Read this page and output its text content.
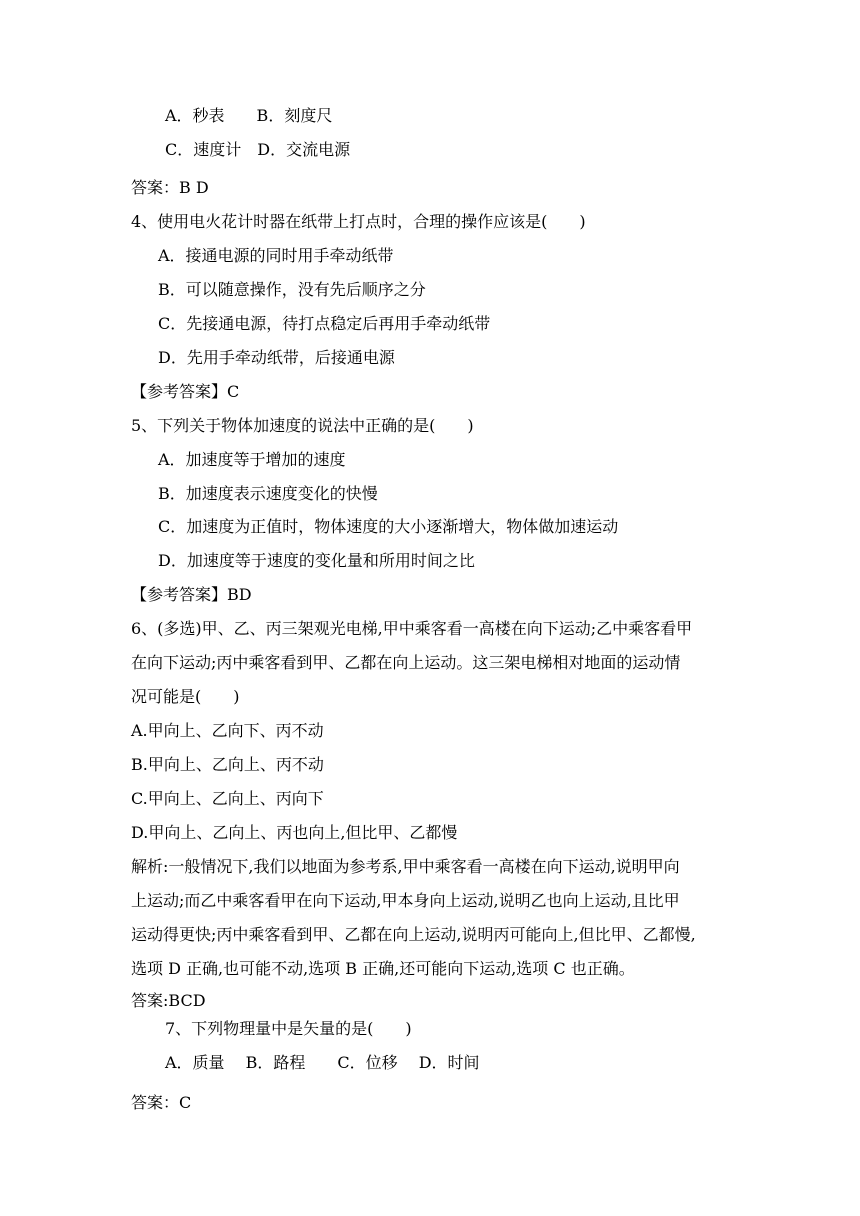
A．秒表　　B．刻度尺
C．速度计　D．交流电源
答案：B D
4、使用电火花计时器在纸带上打点时，合理的操作应该是(　　)
A．接通电源的同时用手牵动纸带
B．可以随意操作，没有先后顺序之分
C．先接通电源，待打点稳定后再用手牵动纸带
D．先用手牵动纸带，后接通电源
【参考答案】C
5、下列关于物体加速度的说法中正确的是(　　)
A．加速度等于增加的速度
B．加速度表示速度变化的快慢
C．加速度为正值时，物体速度的大小逐渐增大，物体做加速运动
D．加速度等于速度的变化量和所用时间之比
【参考答案】BD
6、(多选)甲、乙、丙三架观光电梯,甲中乘客看一高楼在向下运动;乙中乘客看甲
在向下运动;丙中乘客看到甲、乙都在向上运动。这三架电梯相对地面的运动情
况可能是(　　)
A.甲向上、乙向下、丙不动
B.甲向上、乙向上、丙不动
C.甲向上、乙向上、丙向下
D.甲向上、乙向上、丙也向上,但比甲、乙都慢
解析:一般情况下,我们以地面为参考系,甲中乘客看一高楼在向下运动,说明甲向
上运动;而乙中乘客看甲在向下运动,甲本身向上运动,说明乙也向上运动,且比甲
运动得更快;丙中乘客看到甲、乙都在向上运动,说明丙可能向上,但比甲、乙都慢,
选项 D 正确,也可能不动,选项 B 正确,还可能向下运动,选项 C 也正确。
答案:BCD
7、下列物理量中是矢量的是(　　)
A．质量　 B．路程　　C．位移　 D．时间
答案：C
